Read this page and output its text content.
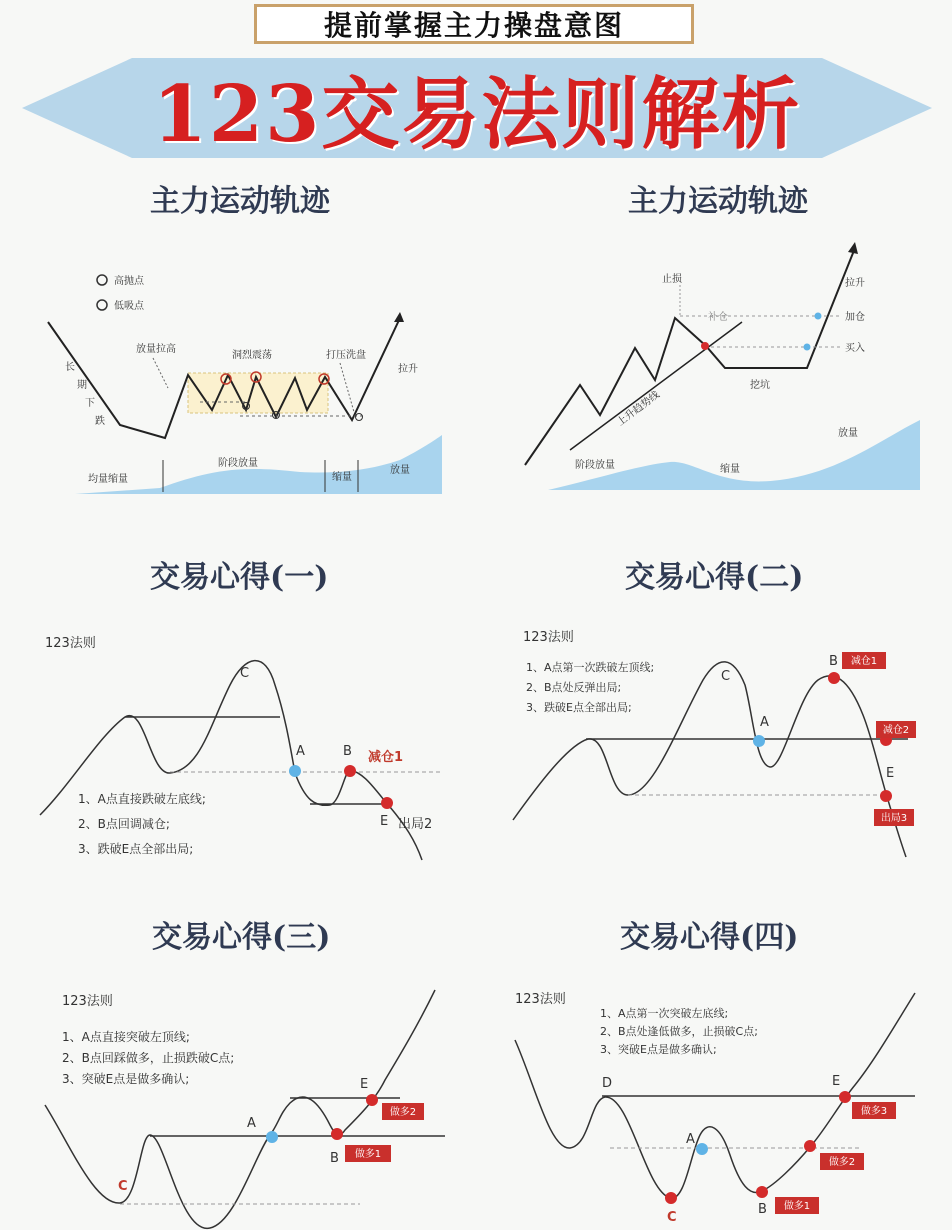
提前掌握主力操盘意图
123交易法则解析
主力运动轨迹	主力运动轨迹
交易心得(一)	交易心得(二)
交易心得(三)	交易心得(四)
高抛点
低吸点
放量拉高
洞烈震荡	打压洗盘
拉升
长
期
下
跌
均量缩量
阶段放量
缩量
放量
止损
补仓
拉升
加仓
买入
挖坑
上升趋势线
阶段放量	缩量
放量
123法则
C
A	B
E
减仓1
出局2
1、A点直接跌破左底线;
2、B点回调减仓;
3、跌破E点全部出局;
123法则
1、A点第一次跌破左顶线;
2、B点处反弹出局;
3、跌破E点全部出局;
C
A
B
E
减仓1
减仓2
出局3
123法则
1、A点直接突破左顶线;
2、B点回踩做多，止损跌破C点;
3、突破E点是做多确认;
C
A
B
E
做多1
做多2
123法则
1、A点第一次突破左底线;
2、B点处逢低做多，止损破C点;
3、突破E点是做多确认;
D
A
B
C
E
做多1
做多2
做多3
